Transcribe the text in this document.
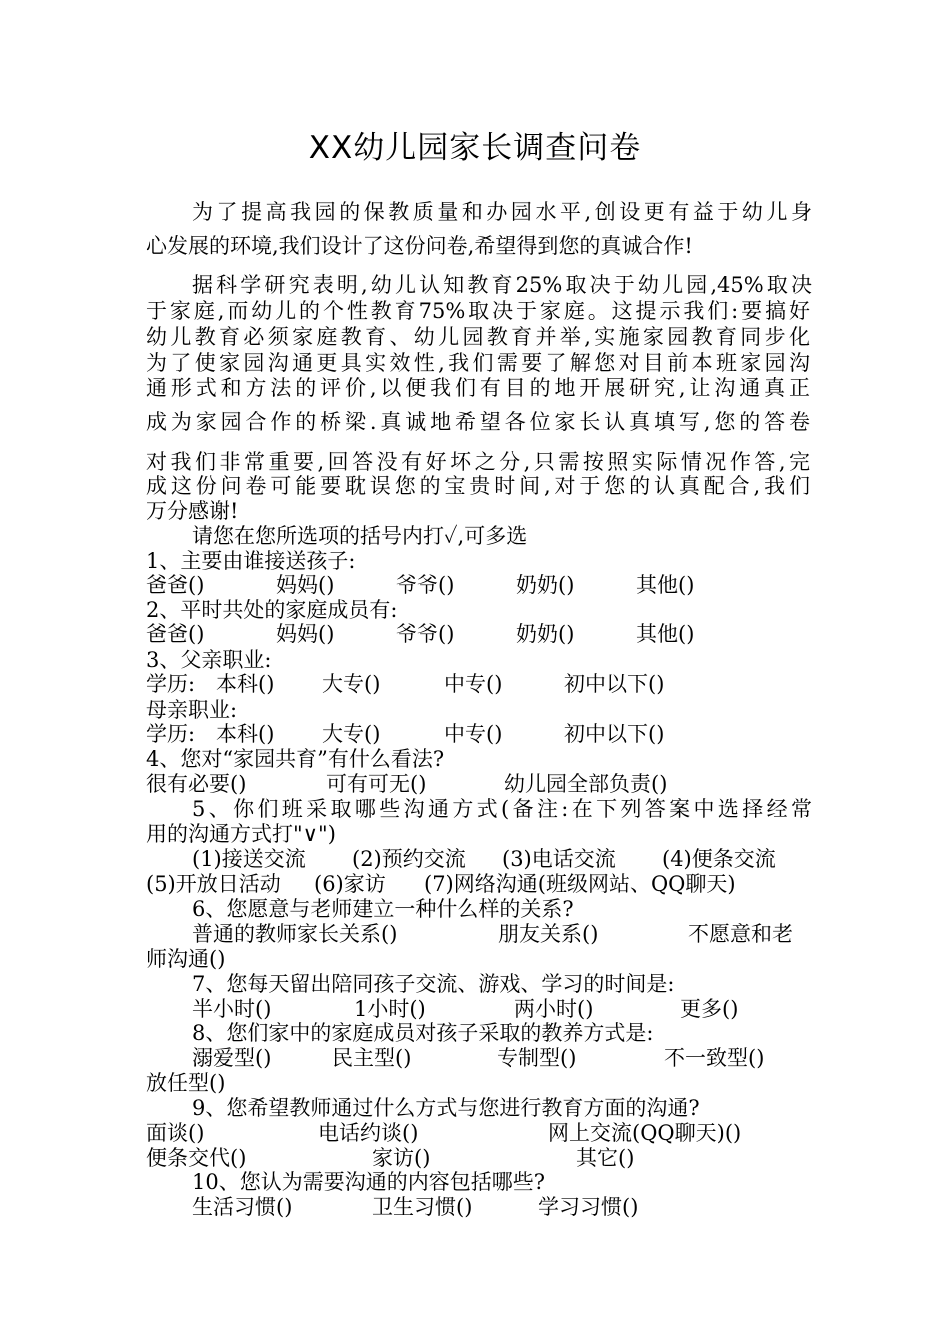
XX幼儿园家长调查问卷
为了提高我园的保教质量和办园水平,创设更有益于幼儿身
心发展的环境,我们设计了这份问卷,希望得到您的真诚合作!
据科学研究表明,幼儿认知教育25%取决于幼儿园,45%取决
于家庭,而幼儿的个性教育75%取决于家庭。这提示我们:要搞好
幼儿教育必须家庭教育、幼儿园教育并举,实施家园教育同步化
为了使家园沟通更具实效性,我们需要了解您对目前本班家园沟
通形式和方法的评价,以便我们有目的地开展研究,让沟通真正
成为家园合作的桥梁.真诚地希望各位家长认真填写,您的答卷
对我们非常重要,回答没有好坏之分,只需按照实际情况作答,完
成这份问卷可能要耽误您的宝贵时间,对于您的认真配合,我们
万分感谢!
请您在您所选项的括号内打✓,可多选
1、主要由谁接送孩子:
爸爸()	妈妈()	爷爷()	奶奶()	其他()
2、平时共处的家庭成员有:
爸爸()	妈妈()	爷爷()	奶奶()	其他()
3、父亲职业:
学历: 本科() 大专()	中专()	初中以下()
母亲职业:
学历: 本科() 大专()	中专()	初中以下()
4、您对“家园共育”有什么看法?
很有必要()	可有可无()	幼儿园全部负责()
5、你们班采取哪些沟通方式(备注:在下列答案中选择经常
用的沟通方式打"∨")
(1)接送交流 (2)预约交流 (3)电话交流 (4)便条交流
(5)开放日活动 (6)家访 (7)网络沟通(班级网站、QQ聊天)
6、您愿意与老师建立一种什么样的关系?
普通的教师家长关系()	朋友关系()	不愿意和老
师沟通()
7、您每天留出陪同孩子交流、游戏、学习的时间是:
半小时()	1小时()	两小时()	更多()
8、您们家中的家庭成员对孩子采取的教养方式是:
溺爱型()	民主型()	专制型()	不一致型()
放任型()
9、您希望教师通过什么方式与您进行教育方面的沟通?
面谈()	电话约谈()	网上交流(QQ聊天)()
便条交代()	家访()	其它()
10、您认为需要沟通的内容包括哪些?
生活习惯()	卫生习惯()	学习习惯()
